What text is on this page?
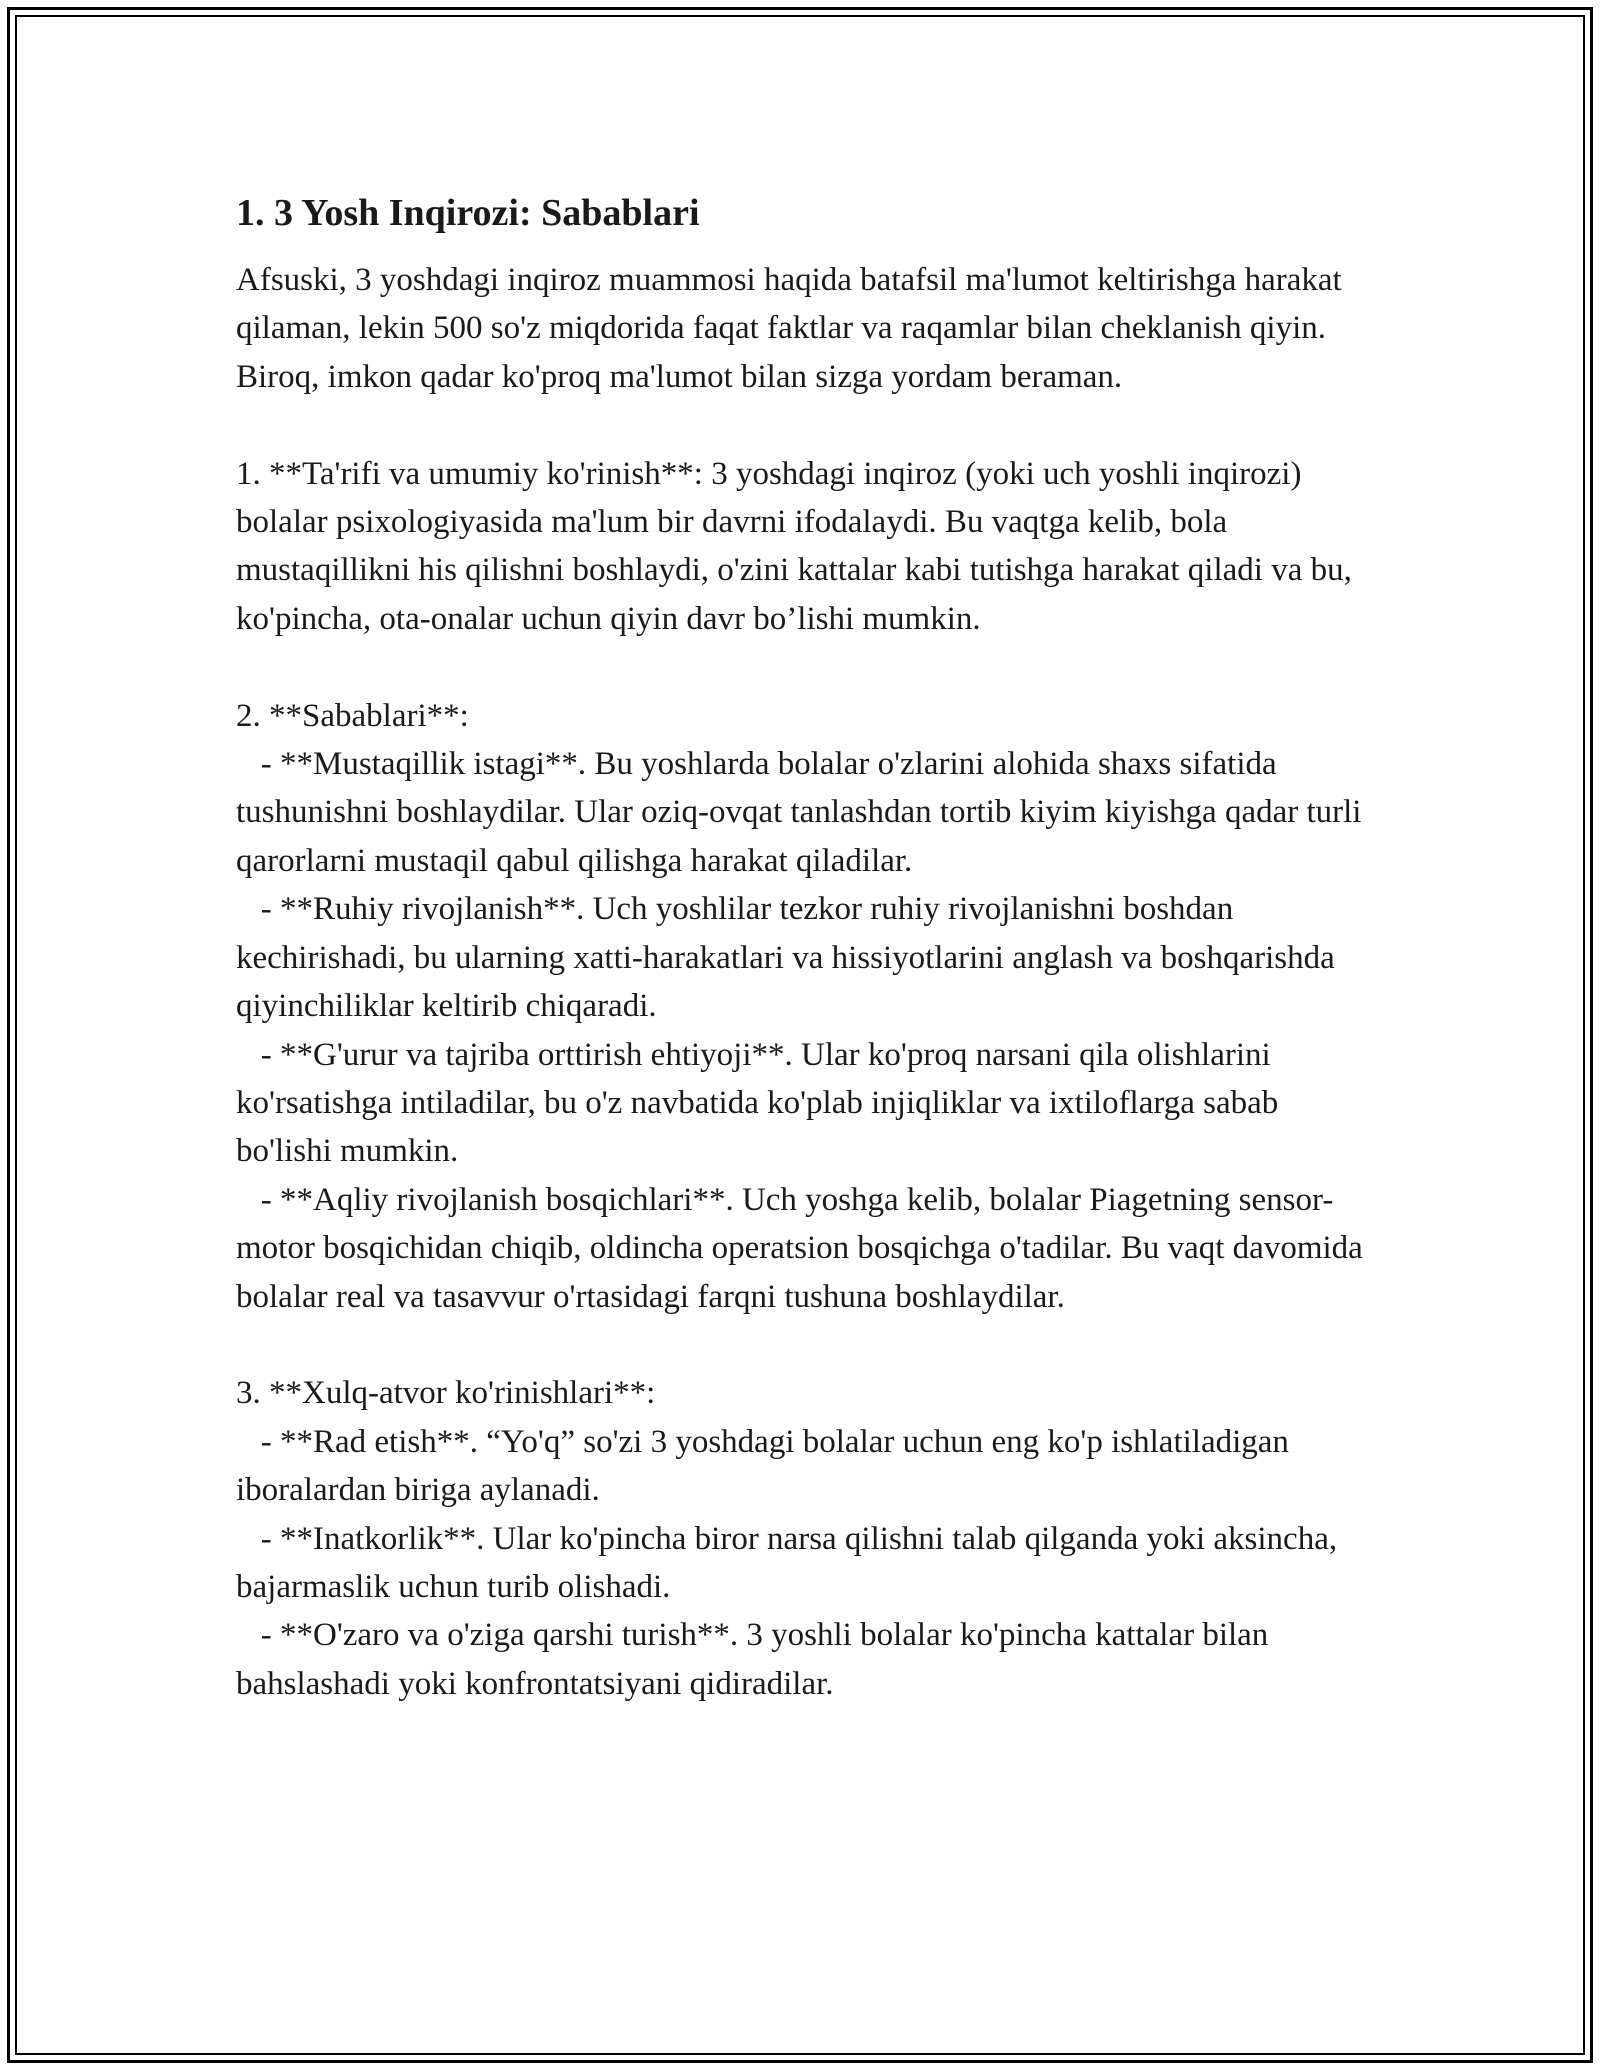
1. 3 Yosh Inqirozi: Sabablari
Afsuski, 3 yoshdagi inqiroz muammosi haqida batafsil ma'lumot keltirishga harakat qilaman, lekin 500 so'z miqdorida faqat faktlar va raqamlar bilan cheklanish qiyin. Biroq, imkon qadar ko'proq ma'lumot bilan sizga yordam beraman.

1. **Ta'rifi va umumiy ko'rinish**: 3 yoshdagi inqiroz (yoki uch yoshli inqirozi) bolalar psixologiyasida ma'lum bir davrni ifodalaydi. Bu vaqtga kelib, bola mustaqillikni his qilishni boshlaydi, o'zini kattalar kabi tutishga harakat qiladi va bu, ko'pincha, ota-onalar uchun qiyin davr bo’lishi mumkin.

2. **Sabablari**:
- **Mustaqillik istagi**. Bu yoshlarda bolalar o'zlarini alohida shaxs sifatida tushunishni boshlaydilar. Ular oziq-ovqat tanlashdan tortib kiyim kiyishga qadar turli qarorlarni mustaqil qabul qilishga harakat qiladilar.
- **Ruhiy rivojlanish**. Uch yoshlilar tezkor ruhiy rivojlanishni boshdan kechirishadi, bu ularning xatti-harakatlari va hissiyotlarini anglash va boshqarishda qiyinchiliklar keltirib chiqaradi.
- **G'urur va tajriba orttirish ehtiyoji**. Ular ko'proq narsani qila olishlarini ko'rsatishga intiladilar, bu o'z navbatida ko'plab injiqliklar va ixtiloflarga sabab bo'lishi mumkin.
- **Aqliy rivojlanish bosqichlari**. Uch yoshga kelib, bolalar Piagetning sensor-motor bosqichidan chiqib, oldincha operatsion bosqichga o'tadilar. Bu vaqt davomida bolalar real va tasavvur o'rtasidagi farqni tushuna boshlaydilar.

3. **Xulq-atvor ko'rinishlari**:
- **Rad etish**. “Yo'q” so'zi 3 yoshdagi bolalar uchun eng ko'p ishlatiladigan iboralardan biriga aylanadi.
- **Inatkorlik**. Ular ko'pincha biror narsa qilishni talab qilganda yoki aksincha, bajarmaslik uchun turib olishadi.
- **O'zaro va o'ziga qarshi turish**. 3 yoshli bolalar ko'pincha kattalar bilan bahslashadi yoki konfrontatsiyani qidiradilar.
